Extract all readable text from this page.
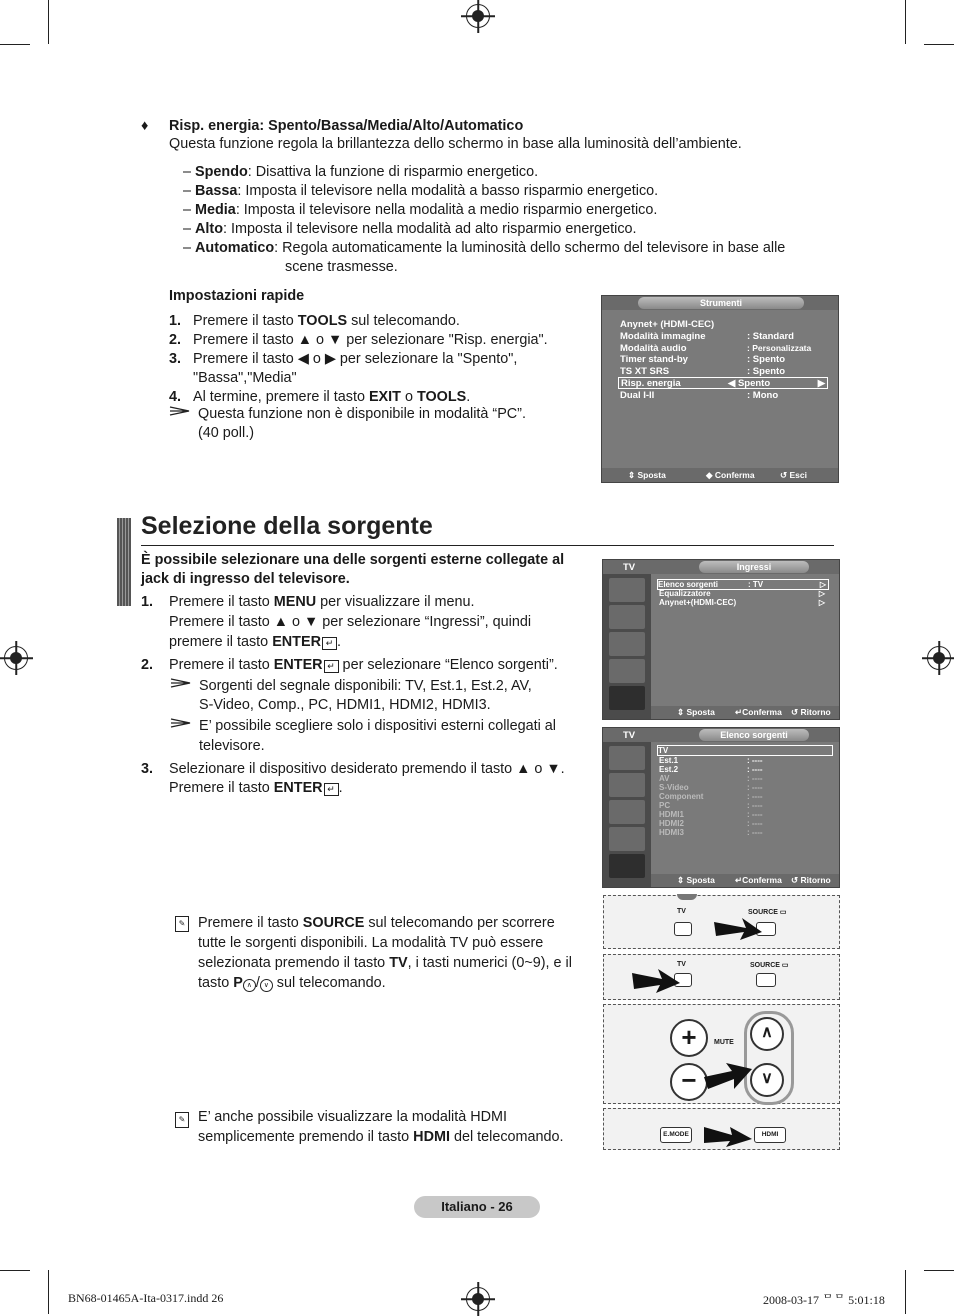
♦ Risp. energia: Spento/Bassa/Media/Alto/Automatico
Questa funzione regola la brillantezza dello schermo in base alla luminosità dell’ambiente.
– Spendo: Disattiva la funzione di risparmio energetico.
– Bassa: Imposta il televisore nella modalità a basso risparmio energetico.
– Media: Imposta il televisore nella modalità a medio risparmio energetico.
– Alto: Imposta il televisore nella modalità ad alto risparmio energetico.
– Automatico: Regola automaticamente la luminosità dello schermo del televisore in base alle
scene trasmesse.
Impostazioni rapide
1. Premere il tasto TOOLS sul telecomando.
2. Premere il tasto ▲ o ▼ per selezionare "Risp. energia".
3. Premere il tasto ◀ o ▶ per selezionare la "Spento",
"Bassa","Media"
4. Al termine, premere il tasto EXIT o TOOLS.
Questa funzione non è disponibile in modalità “PC”.
(40 poll.)
Strumenti
Anynet+ (HDMI-CEC)
Modalità immagine	: Standard
Modalità audio	: Personalizzata
Timer stand-by	: Spento
TS XT SRS	: Spento
Risp. energia	◀ Spento	▶
Dual I-II	: Mono
⇕ Sposta	◆ Conferma	↺ Esci
Selezione della sorgente
È possibile selezionare una delle sorgenti esterne collegate al jack di ingresso del televisore.
1. Premere il tasto MENU per visualizzare il menu.
Premere il tasto ▲ o ▼ per selezionare “Ingressi”, quindi
premere il tasto ENTER ↵ .
2. Premere il tasto ENTER ↵ per selezionare “Elenco sorgenti”.
Sorgenti del segnale disponibili: TV, Est.1, Est.2, AV,
S-Video, Comp., PC, HDMI1, HDMI2, HDMI3.
E’ possibile scegliere solo i dispositivi esterni collegati al
televisore.
3. Selezionare il dispositivo desiderato premendo il tasto ▲ o ▼.
Premere il tasto ENTER ↵ .
TV	Ingressi
Elenco sorgenti	: TV	▷
Equalizzatore	▷
Anynet+(HDMI-CEC)	▷
⇕ Sposta ↵Conferma ↺ Ritorno
TV	Elenco sorgenti
TV
Est.1	: ----
Est.2	: ----
AV	: ----
S-Video	: ----
Component	: ----
PC	: ----
HDMI1	: ----
HDMI2	: ----
HDMI3	: ----
⇕ Sposta ↵Conferma ↺ Ritorno
✎ Premere il tasto SOURCE sul telecomando per scorrere
tutte le sorgenti disponibili. La modalità TV può essere
selezionata premendo il tasto TV, i tasti numerici (0~9), e il
tasto P ∧ / ∨ sul telecomando.
✎ E’ anche possibile visualizzare la modalità HDMI
semplicemente premendo il tasto HDMI del telecomando.
TV	SOURCE ▭
TV	SOURCE ▭
+
−
MUTE
∧
∨
E.MODE	HDMI
Italiano - 26
BN68-01465A-Ita-0317.indd 26	2008-03-17 ᄆᄆ 5:01:18
